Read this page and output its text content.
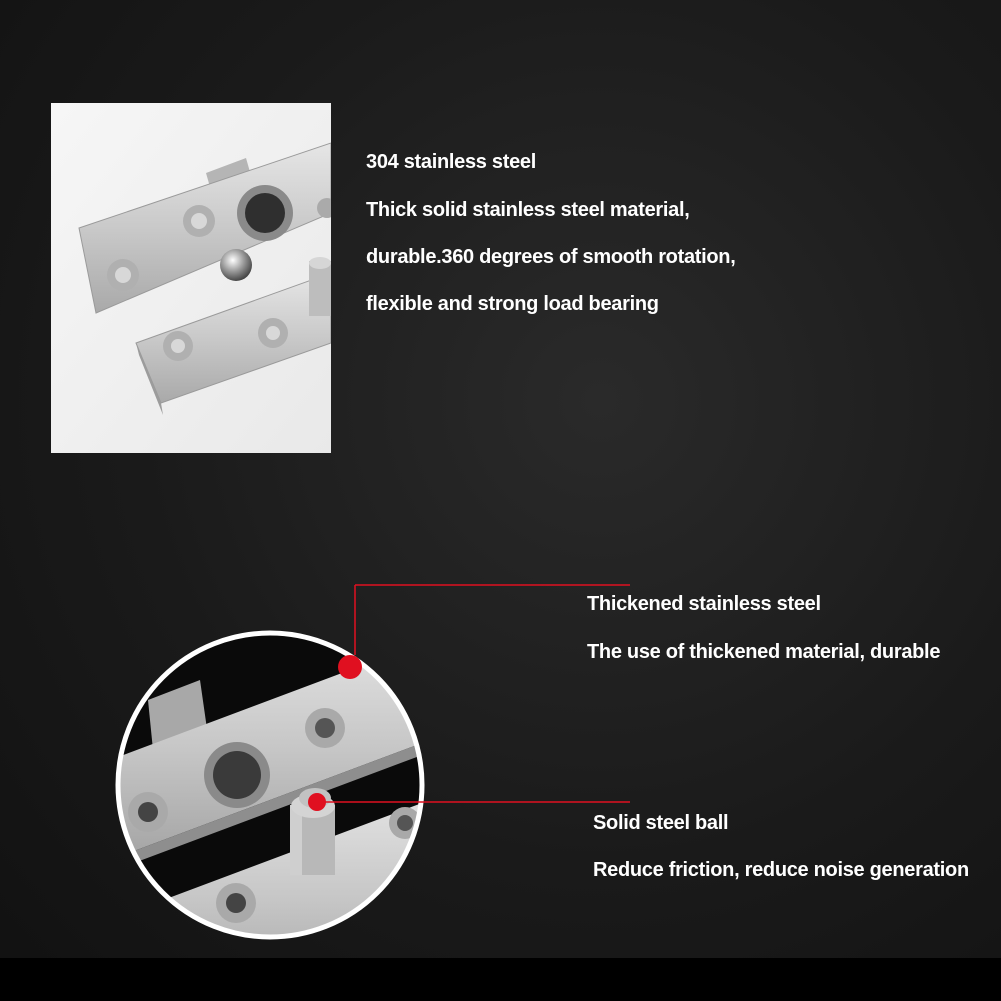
304 stainless steel
Thick solid stainless steel material,
durable.360 degrees of smooth rotation,
flexible and strong load bearing
Thickened stainless steel
The use of thickened material, durable
Solid steel ball
Reduce friction, reduce noise generation
